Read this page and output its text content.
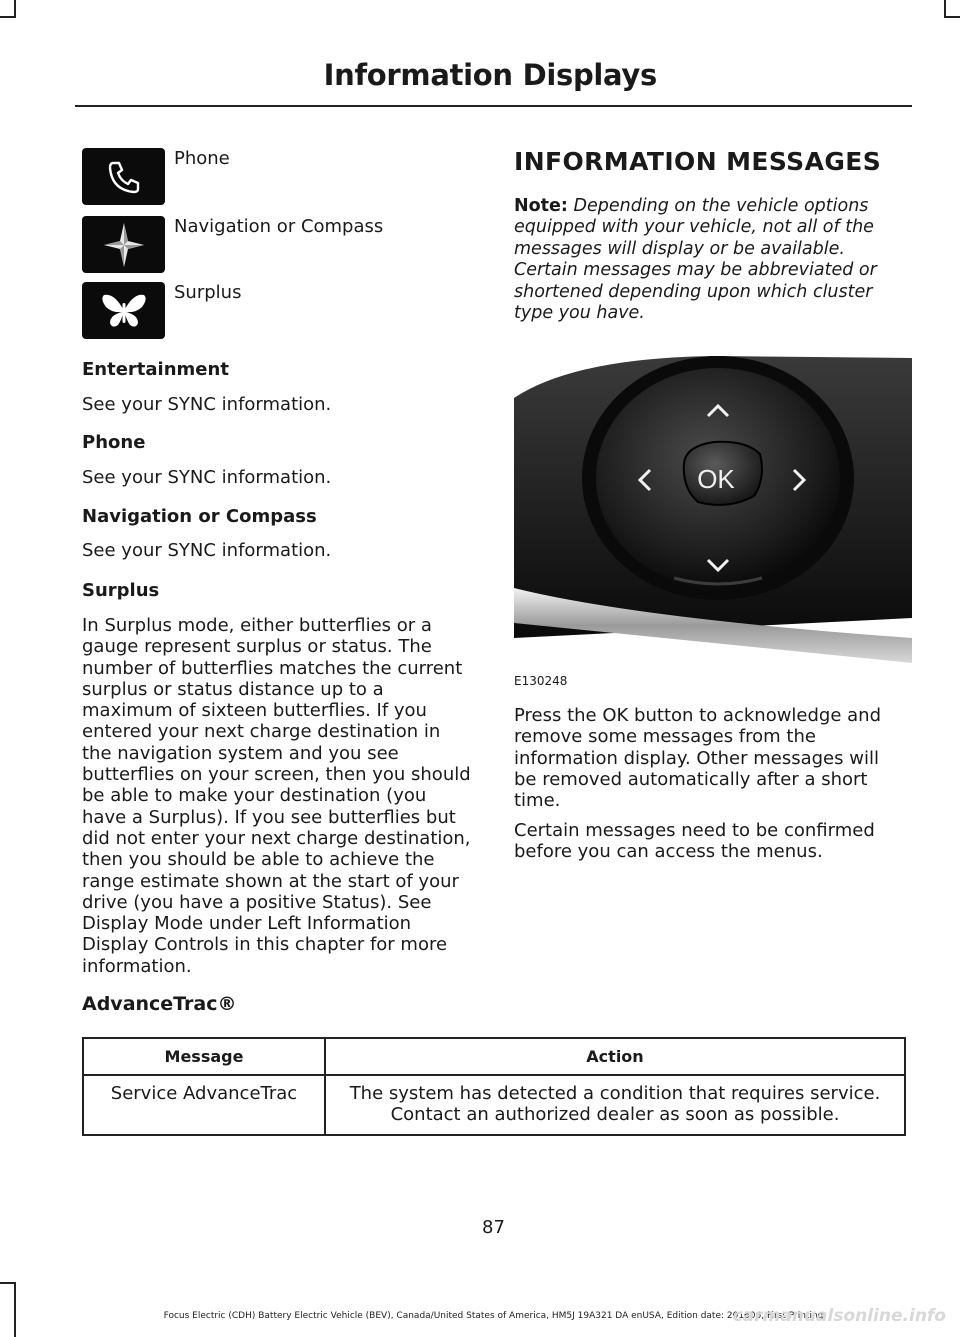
Information Displays
Phone
Navigation or Compass
Surplus
Entertainment
See your SYNC information.
Phone
See your SYNC information.
Navigation or Compass
See your SYNC information.
Surplus
In Surplus mode, either butterflies or a gauge represent surplus or status. The number of butterflies matches the current surplus or status distance up to a maximum of sixteen butterflies. If you entered your next charge destination in the navigation system and you see butterflies on your screen, then you should be able to make your destination (you have a Surplus). If you see butterflies but did not enter your next charge destination, then you should be able to achieve the range estimate shown at the start of your drive (you have a positive Status). See Display Mode under Left Information Display Controls in this chapter for more information.
INFORMATION MESSAGES
Note: Depending on the vehicle options equipped with your vehicle, not all of the messages will display or be available. Certain messages may be abbreviated or shortened depending upon which cluster type you have.
OK
E130248
Press the OK button to acknowledge and remove some messages from the information display. Other messages will be removed automatically after a short time.
Certain messages need to be confirmed before you can access the menus.
AdvanceTrac®
Message	Action
Service AdvanceTrac	The system has detected a condition that requires service. Contact an authorized dealer as soon as possible.
87
Focus Electric (CDH) Battery Electric Vehicle (BEV), Canada/United States of America, HM5J 19A321 DA enUSA, Edition date: 201606, First Printing
carmanualsonline.info
